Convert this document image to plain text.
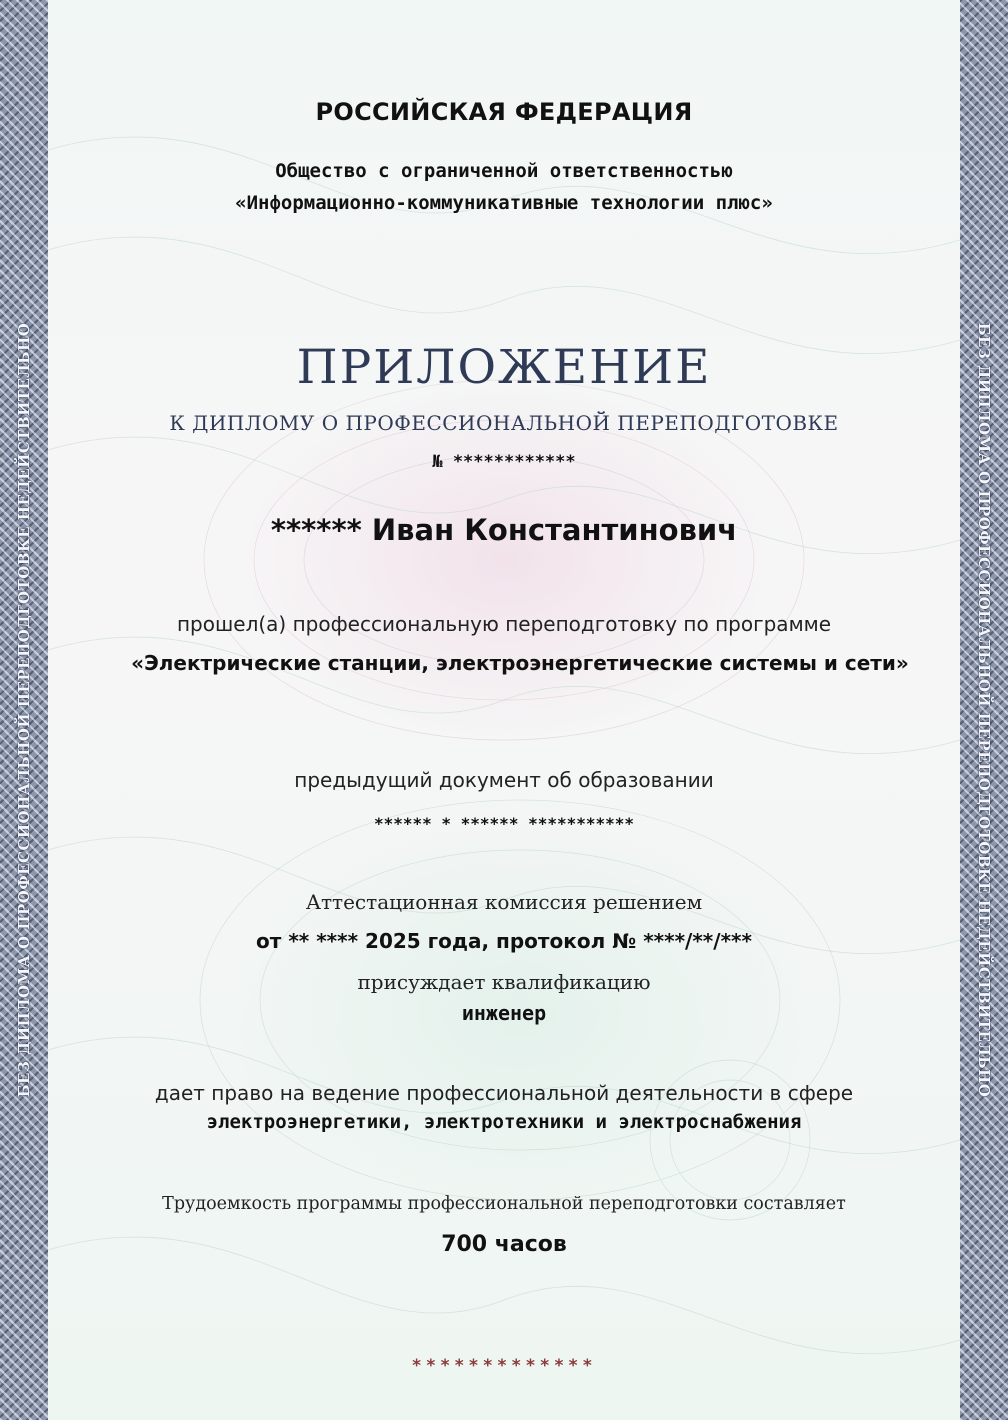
БЕЗ ДИПЛОМА О ПРОФЕССИОНАЛЬНОЙ ПЕРЕПОДГОТОВКЕ НЕДЕЙСТВИТЕЛЬНО	БЕЗ ДИПЛОМА О ПРОФЕССИОНАЛЬНОЙ ПЕРЕПОДГОТОВКЕ НЕДЕЙСТВИТЕЛЬНО

РОССИЙСКАЯ ФЕДЕРАЦИЯ

Общество с ограниченной ответственностью

«Информационно-коммуникативные технологии плюс»

ПРИЛОЖЕНИЕ

К ДИПЛОМУ О ПРОФЕССИОНАЛЬНОЙ ПЕРЕПОДГОТОВКЕ

№ ************

****** Иван Константинович

прошел(а) профессиональную переподготовку по программе

«Электрические станции, электроэнергетические системы и сети»

предыдущий документ об образовании

****** * ****** ***********

Аттестационная комиссия решением

от ** **** 2025 года, протокол № ****/**/***

присуждает квалификацию

инженер

дает право на ведение профессиональной деятельности в сфере

электроэнергетики, электротехники и электроснабжения

Трудоемкость программы профессиональной переподготовки составляет

700 часов

*************
